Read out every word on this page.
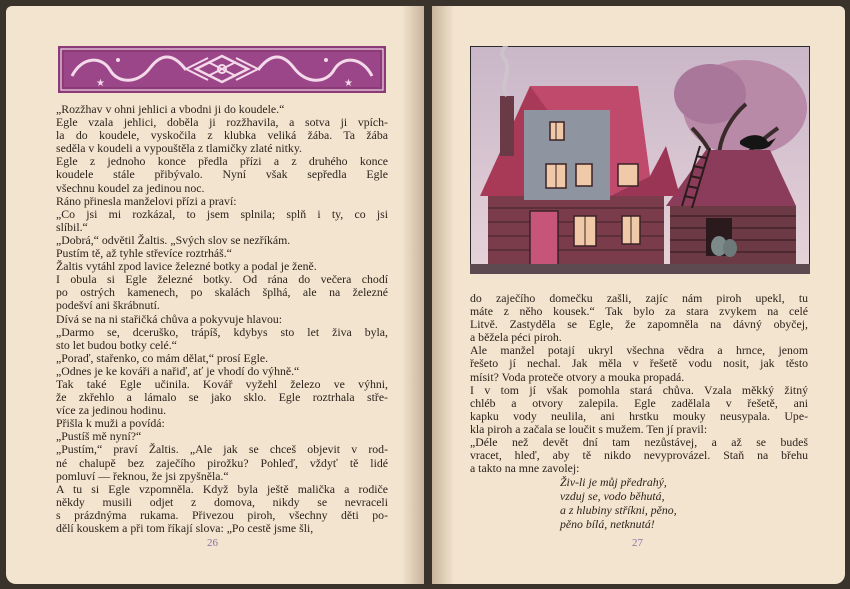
★	★
„Rozžhav v ohni jehlici a vbodni ji do koudele.“
Egle vzala jehlici, doběla ji rozžhavila, a sotva ji vpích-
la do koudele, vyskočila z klubka veliká žába. Ta žába
seděla v koudeli a vypouštěla z tlamičky zlaté nitky.
Egle z jednoho konce předla přízi a z druhého konce
koudele stále přibývalo. Nyní však sepředla Egle
všechnu koudel za jedinou noc.
Ráno přinesla manželovi přízi a praví:
„Co jsi mi rozkázal, to jsem splnila; splň i ty, co jsi
slíbil.“
„Dobrá,“ odvětil Žaltis. „Svých slov se nezříkám.
Pustím tě, až tyhle střevíce roztrháš.“
Žaltis vytáhl zpod lavice železné botky a podal je ženě.
I obula si Egle železné botky. Od rána do večera chodí
po ostrých kamenech, po skalách šplhá, ale na železné
podešví ani škrábnutí.
Dívá se na ni stařičká chůva a pokyvuje hlavou:
„Darmo se, dceruško, trápíš, kdybys sto let živa byla,
sto let budou botky celé.“
„Poraď, stařenko, co mám dělat,“ prosí Egle.
„Odnes je ke kováři a nařiď, ať je vhodí do výhně.“
Tak také Egle učinila. Kovář vyžehl železo ve výhni,
že zkřehlo a lámalo se jako sklo. Egle roztrhala stře-
více za jedinou hodinu.
Přišla k muži a povídá:
„Pustíš mě nyní?“
„Pustím,“ praví Žaltis. „Ale jak se chceš objevit v rod-
né chalupě bez zaječího pirožku? Pohleď, vždyť tě lidé
pomluví — řeknou, že jsi zpyšněla.“
A tu si Egle vzpomněla. Když byla ještě malička a rodiče
někdy musili odjet z domova, nikdy se nevraceli
s prázdnýma rukama. Přivezou piroh, všechny děti po-
dělí kouskem a při tom říkají slova: „Po cestě jsme šli,
26
do zaječího domečku zašli, zajíc nám piroh upekl, tu
máte z něho kousek.“ Tak bylo za stara zvykem na celé
Litvě. Zastyděla se Egle, že zapomněla na dávný obyčej,
a běžela péci piroh.
Ale manžel potají ukryl všechna vědra a hrnce, jenom
řešeto jí nechal. Jak měla v řešetě vodu nosit, jak těsto
mísit? Voda proteče otvory a mouka propadá.
I v tom jí však pomohla stará chůva. Vzala měkký žitný
chléb a otvory zalepila. Egle zadělala v řešetě, ani
kapku vody neulila, ani hrstku mouky neusypala. Upe-
kla piroh a začala se loučit s mužem. Ten jí pravil:
„Déle než devět dní tam nezůstávej, a až se budeš
vracet, hleď, aby tě nikdo nevyprovázel. Staň na břehu
a takto na mne zavolej:
Živ-li je můj předrahý,
vzduj se, vodo běhutá,
a z hlubiny stříkni, pěno,
pěno bílá, netknutá!
27
